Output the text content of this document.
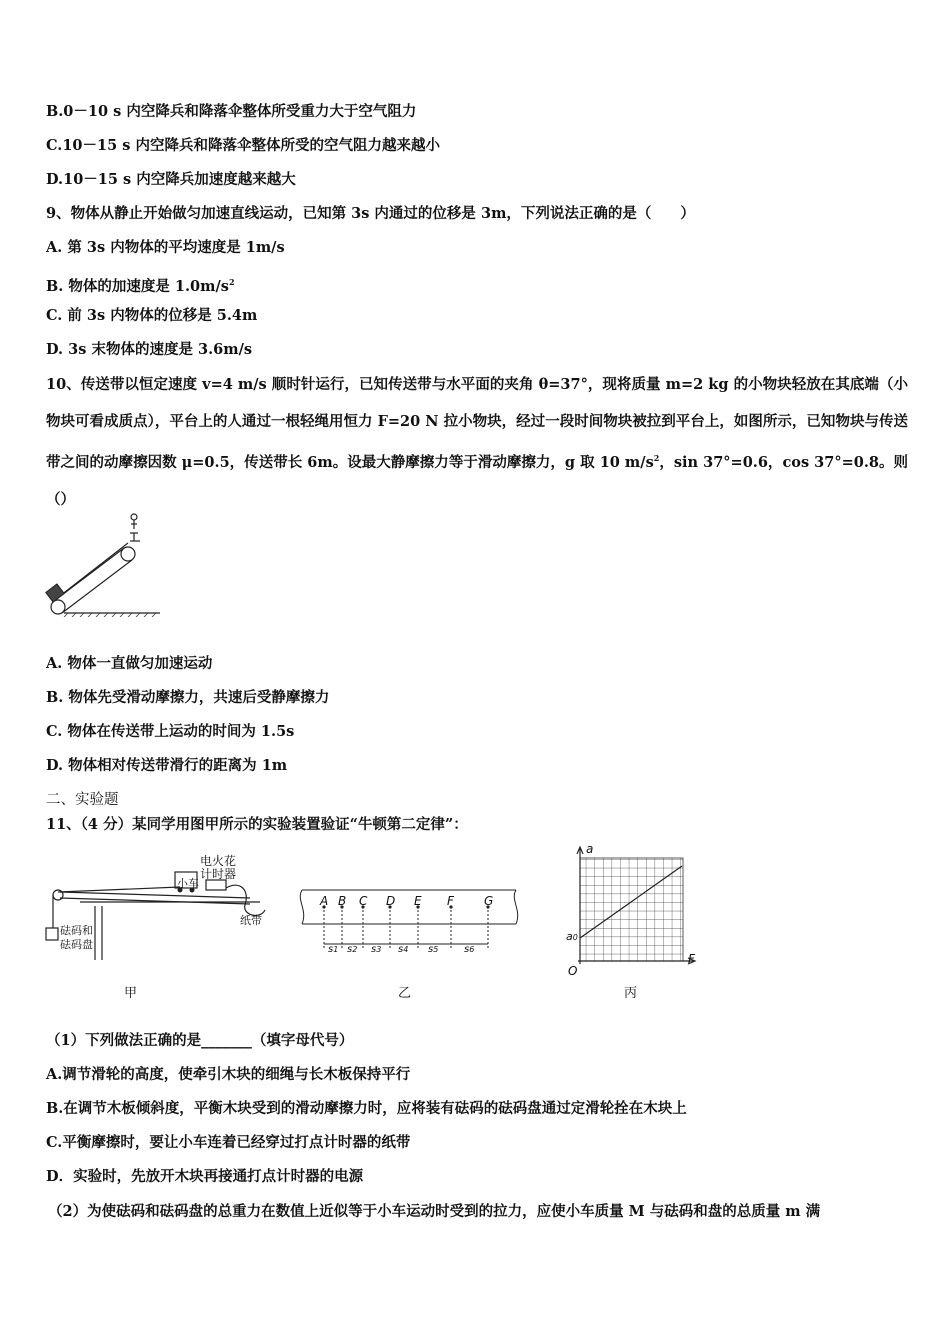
B.0－10 s 内空降兵和降落伞整体所受重力大于空气阻力
C.10－15 s 内空降兵和降落伞整体所受的空气阻力越来越小
D.10－15 s 内空降兵加速度越来越大
9、物体从静止开始做匀加速直线运动，已知第 3s 内通过的位移是 3m，下列说法正确的是（　　）
A. 第 3s 内物体的平均速度是 1m/s
B. 物体的加速度是 $1.0m/s^2$
C. 前 3s 内物体的位移是 5.4m
D. 3s 末物体的速度是 3.6m/s
10、传送带以恒定速度 v=4 m/s 顺时针运行，已知传送带与水平面的夹角 θ=37°，现将质量 m=2 kg 的小物块轻放在其底端（小物块可看成质点），平台上的人通过一根轻绳用恒力 F=20 N 拉小物块，经过一段时间物块被拉到平台上，如图所示，已知物块与传送带之间的动摩擦因数 μ=0.5，传送带长 6m。设最大静摩擦力等于滑动摩擦力，g 取 10 $m/s^2$，sin 37°=0.6，cos 37°=0.8。则（）
A. 物体一直做匀加速运动
B. 物体先受滑动摩擦力，共速后受静摩擦力
C. 物体在传送带上运动的时间为 1.5s
D. 物体相对传送带滑行的距离为 1m
二、实验题
11、（4 分）某同学用图甲所示的实验装置验证“牛顿第二定律”：
电火花
计时器
小车
纸带
砝码和
砝码盘
甲
A B C D E F	G
s1 s2 s3 s4 s5	s6
乙
a
F
O
a0
丙
（1）下列做法正确的是_______（填字母代号）
A.调节滑轮的高度，使牵引木块的细绳与长木板保持平行
B.在调节木板倾斜度，平衡木块受到的滑动摩擦力时，应将装有砝码的砝码盘通过定滑轮拴在木块上
C.平衡摩擦时，要让小车连着已经穿过打点计时器的纸带
D．实验时，先放开木块再接通打点计时器的电源
（2）为使砝码和砝码盘的总重力在数值上近似等于小车运动时受到的拉力，应使小车质量 M 与砝码和盘的总质量 m 满
